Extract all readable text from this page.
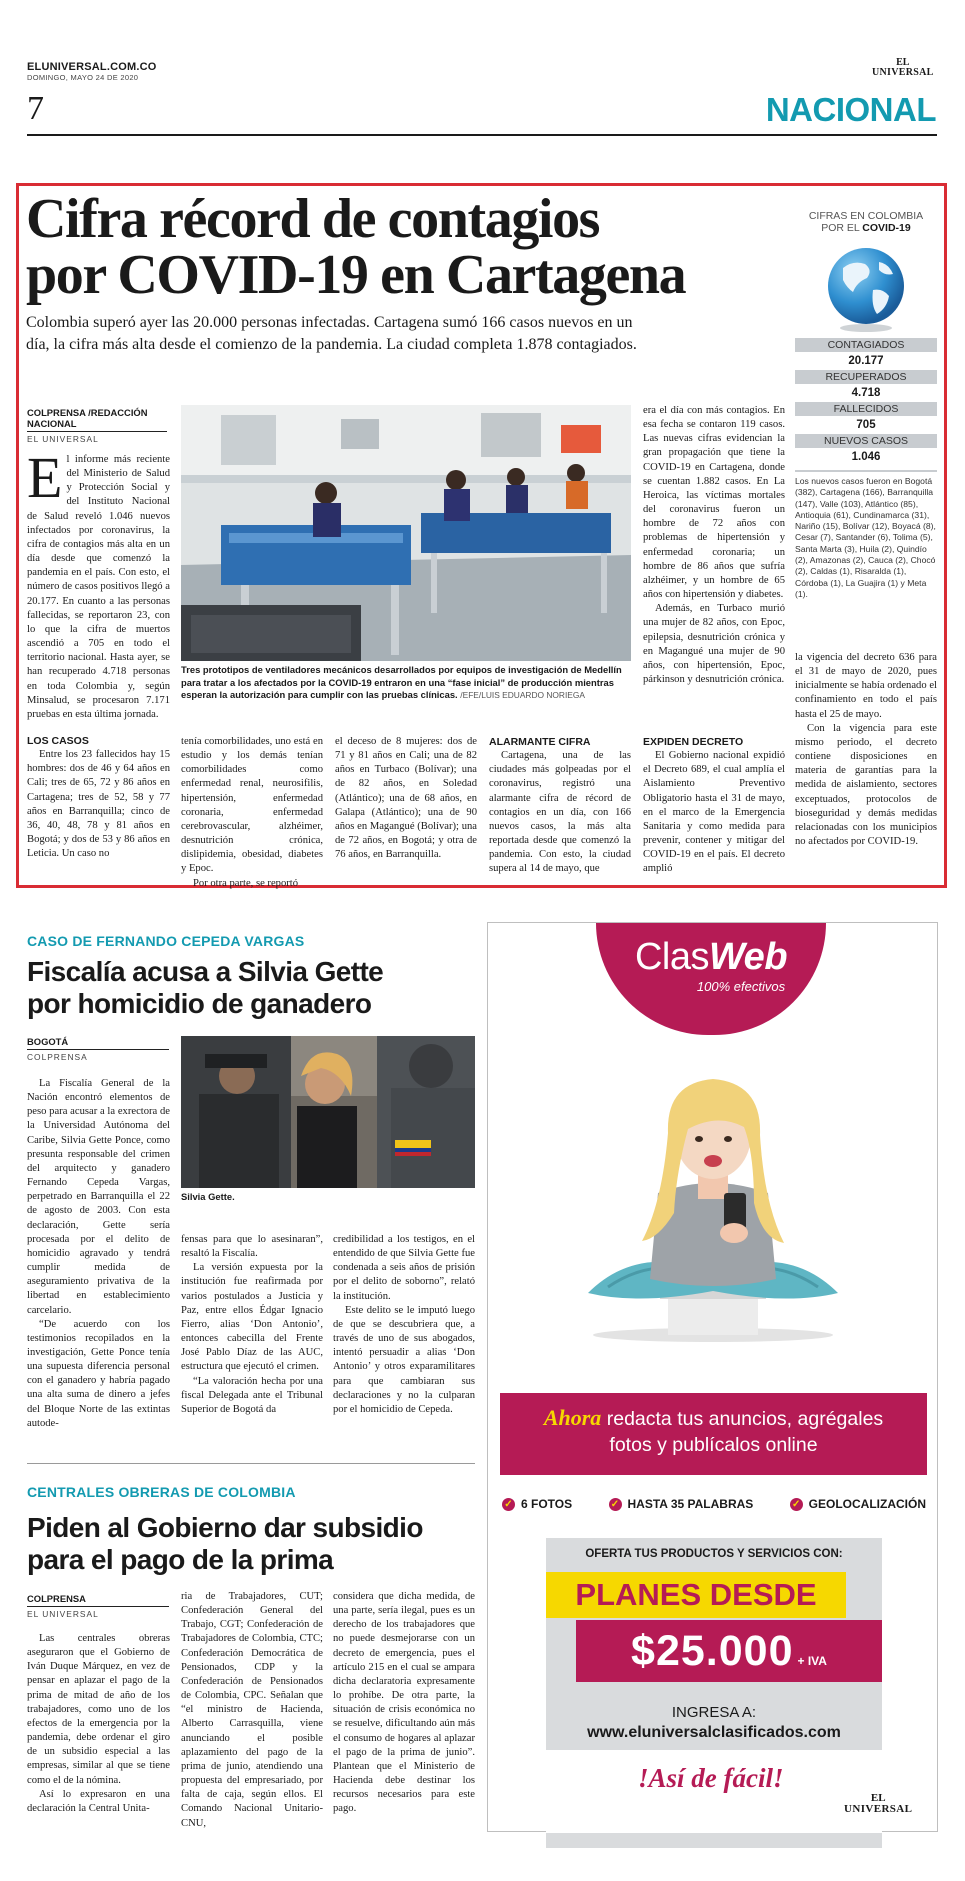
ELUNIVERSAL.COM.CO
DOMINGO, MAYO 24 DE 2020
7
EL
UNIVERSAL
NACIONAL
Cifra récord de contagios
por COVID-19 en Cartagena
Colombia superó ayer las 20.000 personas infectadas. Cartagena sumó 166 casos nuevos en un
día, la cifra más alta desde el comienzo de la pandemia. La ciudad completa 1.878 contagiados.
COLPRENSA /REDACCIÓN NACIONAL
EL UNIVERSAL
Tres prototipos de ventiladores mecánicos desarrollados por equipos de investigación de Medellín para tratar a los afectados por la COVID-19 entraron en una “fase inicial” de producción mientras esperan la autorización para cumplir con las pruebas clínicas. /EFE/LUIS EDUARDO NORIEGA
E l informe más reciente del Ministerio de Salud y Protección Social y del Instituto Nacional de Salud reveló 1.046 nuevos infectados por coronavirus, la cifra de contagios más alta en un día desde que comenzó la pandemia en el país. Con esto, el número de casos positivos llegó a 20.177. En cuanto a las personas fallecidas, se reportaron 23, con lo que la cifra de muertos ascendió a 705 en todo el territorio nacional. Hasta ayer, se han recuperado 4.718 personas en toda Colombia y, según Minsalud, se procesaron 7.171 pruebas en esta última jornada.

LOS CASOS

Entre los 23 fallecidos hay 15 hombres: dos de 46 y 64 años en Cali; tres de 65, 72 y 86 años en Cartagena; tres de 52, 58 y 77 años en Barranquilla; cinco de 36, 40, 48, 78 y 81 años en Bogotá; y dos de 53 y 86 años en Leticia. Un caso no

tenía comorbilidades, uno está en estudio y los demás tenían comorbilidades como enfermedad renal, neurosifilis, hipertensión, enfermedad coronaria, enfermedad cerebrovascular, alzhéimer, desnutrición crónica, dislipidemia, obesidad, diabetes y Epoc.

Por otra parte, se reportó

el deceso de 8 mujeres: dos de 71 y 81 años en Cali; una de 82 años en Turbaco (Bolívar); una de 82 años, en Soledad (Atlántico); una de 68 años, en Galapa (Atlántico); una de 90 años en Magangué (Bolívar); una de 72 años, en Bogotá; y otra de 76 años, en Barranquilla.

ALARMANTE CIFRA

Cartagena, una de las ciudades más golpeadas por el coronavirus, registró una alarmante cifra de récord de contagios en un día, con 166 nuevos casos, la más alta reportada desde que comenzó la pandemia. Con esto, la ciudad supera al 14 de mayo, que

era el día con más contagios. En esa fecha se contaron 119 casos. Las nuevas cifras evidencian la gran propagación que tiene la COVID-19 en Cartagena, donde se cuentan 1.882 casos. En La Heroica, las víctimas mortales del coronavirus fueron un hombre de 72 años con problemas de hipertensión y enfermedad coronaria; un hombre de 86 años que sufría alzhéimer, y un hombre de 65 años con hipertensión y diabetes.

Además, en Turbaco murió una mujer de 82 años, con Epoc, epilepsia, desnutrición crónica y en Magangué una mujer de 90 años, con hipertensión, Epoc, párkinson y desnutrición crónica.

EXPIDEN DECRETO

El Gobierno nacional expidió el Decreto 689, el cual amplía el Aislamiento Preventivo Obligatorio hasta el 31 de mayo, en el marco de la Emergencia Sanitaria y como medida para prevenir, contener y mitigar del COVID-19 en el país. El decreto amplió

la vigencia del decreto 636 para el 31 de mayo de 2020, pues inicialmente se había ordenado el confinamiento en todo el país hasta el 25 de mayo.

Con la vigencia para este mismo periodo, el decreto contiene disposiciones en materia de garantías para la medida de aislamiento, sectores exceptuados, protocolos de bioseguridad y demás medidas relacionadas con los municipios no afectados por COVID-19.

CIFRAS EN COLOMBIA
POR EL COVID-19
CONTAGIADOS
20.177
RECUPERADOS
4.718
FALLECIDOS
705
NUEVOS CASOS
1.046
Los nuevos casos fueron en Bogotá (382), Cartagena (166), Barranquilla (147), Valle (103), Atlántico (85), Antioquia (61), Cundinamarca (31), Nariño (15), Bolívar (12), Boyacá (8), Cesar (7), Santander (6), Tolima (5), Santa Marta (3), Huila (2), Quindío (2), Amazonas (2), Cauca (2), Chocó (2), Caldas (1), Risaralda (1), Córdoba (1), La Guajira (1) y Meta (1).
CASO DE FERNANDO CEPEDA VARGAS
Fiscalía acusa a Silvia Gette
por homicidio de ganadero
BOGOTÁ
COLPRENSA
Silvia Gette.

La Fiscalía General de la Nación encontró elementos de peso para acusar a la exrectora de la Universidad Autónoma del Caribe, Silvia Gette Ponce, como presunta responsable del crimen del arquitecto y ganadero Fernando Cepeda Vargas, perpetrado en Barranquilla el 22 de agosto de 2003. Con esta declaración, Gette sería procesada por el delito de homicidio agravado y tendrá cumplir medida de aseguramiento privativa de la libertad en establecimiento carcelario.

“De acuerdo con los testimonios recopilados en la investigación, Gette Ponce tenía una supuesta diferencia personal con el ganadero y habría pagado una alta suma de dinero a jefes del Bloque Norte de las extintas autode-

fensas para que lo asesinaran”, resaltó la Fiscalía.

La versión expuesta por la institución fue reafirmada por varios postulados a Justicia y Paz, entre ellos Édgar Ignacio Fierro, alias ‘Don Antonio’, entonces cabecilla del Frente José Pablo Díaz de las AUC, estructura que ejecutó el crimen.

“La valoración hecha por una fiscal Delegada ante el Tribunal Superior de Bogotá da

credibilidad a los testigos, en el entendido de que Silvia Gette fue condenada a seis años de prisión por el delito de soborno”, relató la institución.

Este delito se le imputó luego de que se descubriera que, a través de uno de sus abogados, intentó persuadir a alias ‘Don Antonio’ y otros exparamilitares para que cambiaran sus declaraciones y no la culparan por el homicidio de Cepeda.

CENTRALES OBRERAS DE COLOMBIA
Piden al Gobierno dar subsidio
para el pago de la prima
COLPRENSA
EL UNIVERSAL

Las centrales obreras aseguraron que el Gobierno de Iván Duque Márquez, en vez de pensar en aplazar el pago de la prima de mitad de año de los trabajadores, como uno de los efectos de la emergencia por la pandemia, debe ordenar el giro de un subsidio especial a las empresas, similar al que se tiene como el de la nómina.

Así lo expresaron en una declaración la Central Unita-

ria de Trabajadores, CUT; Confederación General del Trabajo, CGT; Confederación de Trabajadores de Colombia, CTC; Confederación Democrática de Pensionados, CDP y la Confederación de Pensionados de Colombia, CPC. Señalan que “el ministro de Hacienda, Alberto Carrasquilla, viene anunciando el posible aplazamiento del pago de la prima de junio, atendiendo una propuesta del empresariado, por falta de caja, según ellos. El Comando Nacional Unitario-CNU,

considera que dicha medida, de una parte, sería ilegal, pues es un derecho de los trabajadores que no puede desmejorarse con un decreto de emergencia, pues el artículo 215 en el cual se ampara dicha declaratoria expresamente lo prohíbe. De otra parte, la situación de crisis económica no se resuelve, dificultando aún más el consumo de hogares al aplazar el pago de la prima de junio”. Plantean que el Ministerio de Hacienda debe destinar los recursos necesarios para este pago.

ClasWeb
100% efectivos
Ahora redacta tus anuncios, agrégales
fotos y publícalos online
✓ 6 FOTOS	✓ HASTA 35 PALABRAS	✓ GEOLOCALIZACIÓN
OFERTA TUS PRODUCTOS Y SERVICIOS CON:
PLANES DESDE
$25.000 + IVA
INGRESA A:
www.eluniversalclasificados.com
!Así de fácil!
EL
UNIVERSAL
